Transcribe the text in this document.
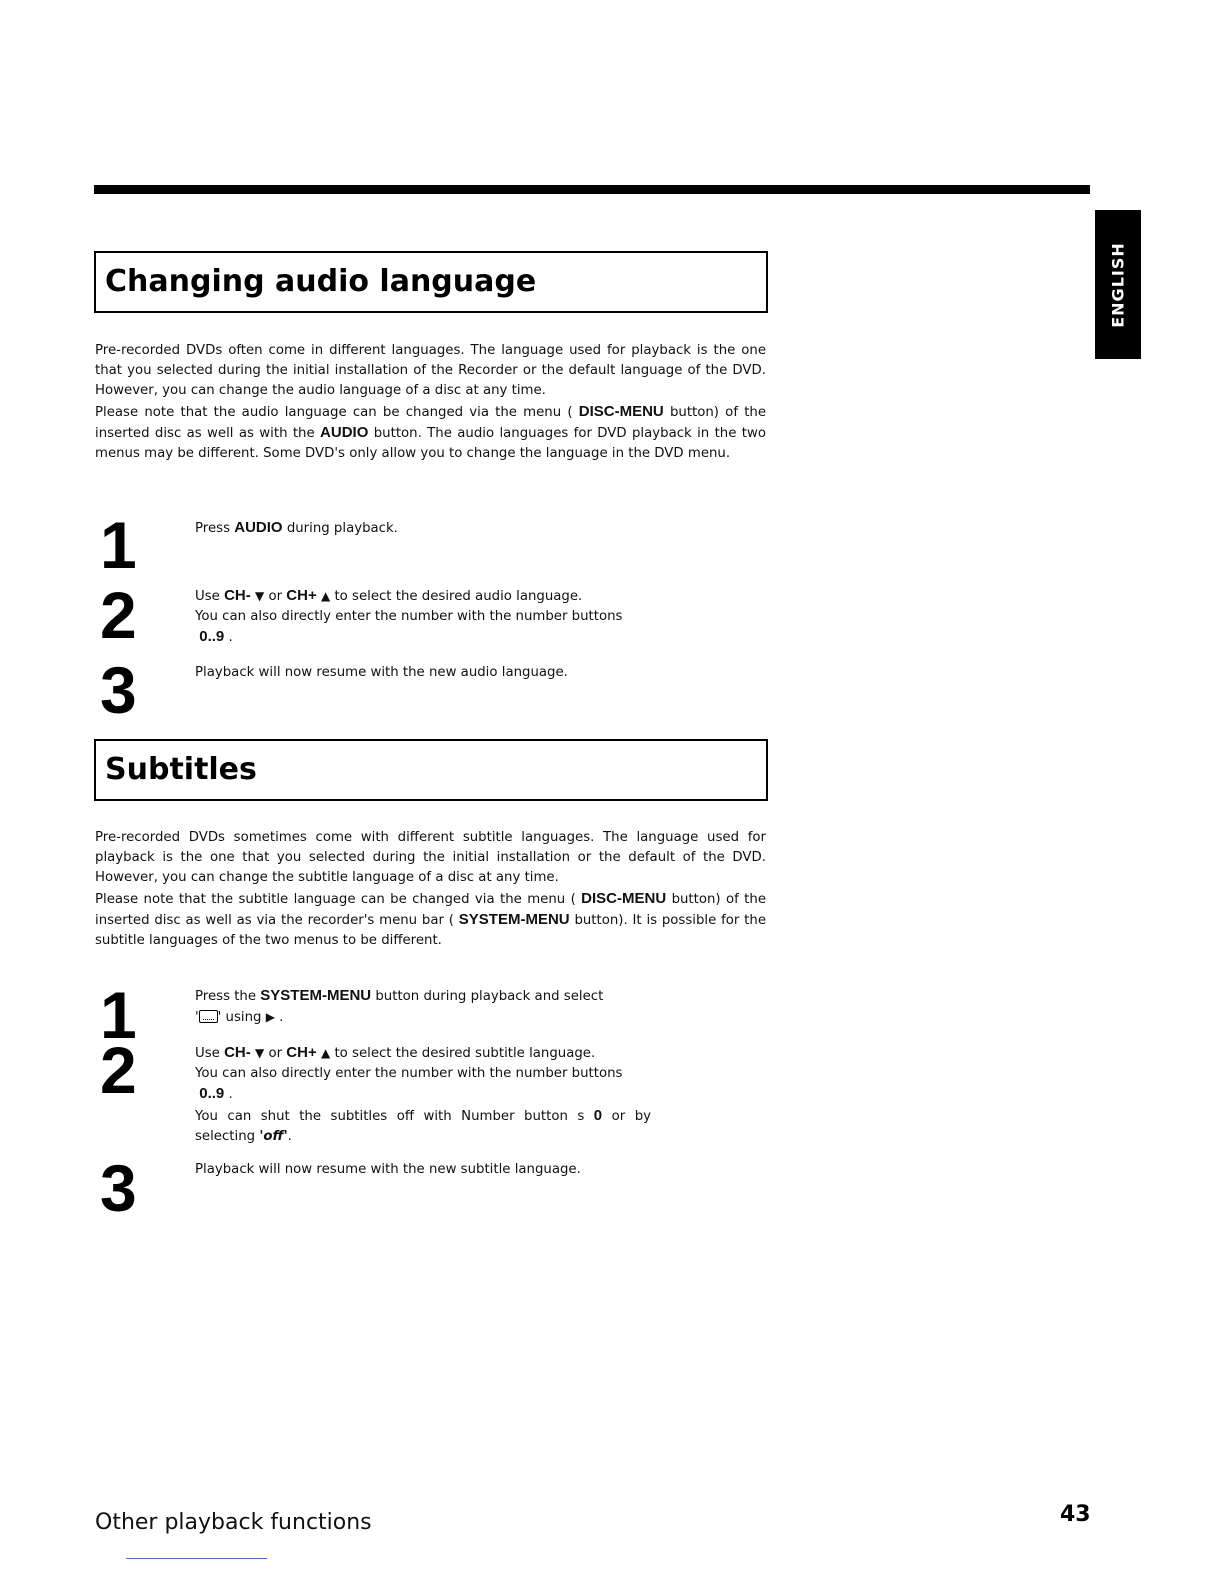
ENGLISH
Changing audio language

Pre-recorded DVDs often come in different languages. The language used for playback is the one that you selected during the initial installation of the Recorder or the default language of the DVD. However, you can change the audio language of a disc at any time.

Please note that the audio language can be changed via the menu ( DISC-MENU button) of the inserted disc as well as with the AUDIO button. The audio languages for DVD playback in the two menus may be different. Some DVD's only allow you to change the language in the DVD menu.

1	Press AUDIO during playback.

2	Use CH- ▼ or CH+ ▲ to select the desired audio language.

You can also directly enter the number with the number buttons

0..9 .

3	Playback will now resume with the new audio language.
Subtitles

Pre-recorded DVDs sometimes come with different subtitle languages. The language used for playback is the one that you selected during the initial installation or the default of the DVD. However, you can change the subtitle language of a disc at any time.

Please note that the subtitle language can be changed via the menu ( DISC-MENU button) of the inserted disc as well as via the recorder's menu bar ( SYSTEM-MENU button). It is possible for the subtitle languages of the two menus to be different.

1	Press the SYSTEM-MENU button during playback and select

' ' using ▶ .

2	Use CH- ▼ or CH+ ▲ to select the desired subtitle language.

You can also directly enter the number with the number buttons

0..9 .

You can shut the subtitles off with Number button s 0 or by selecting 'off'.

3	Playback will now resume with the new subtitle language.
Other playback functions	43
